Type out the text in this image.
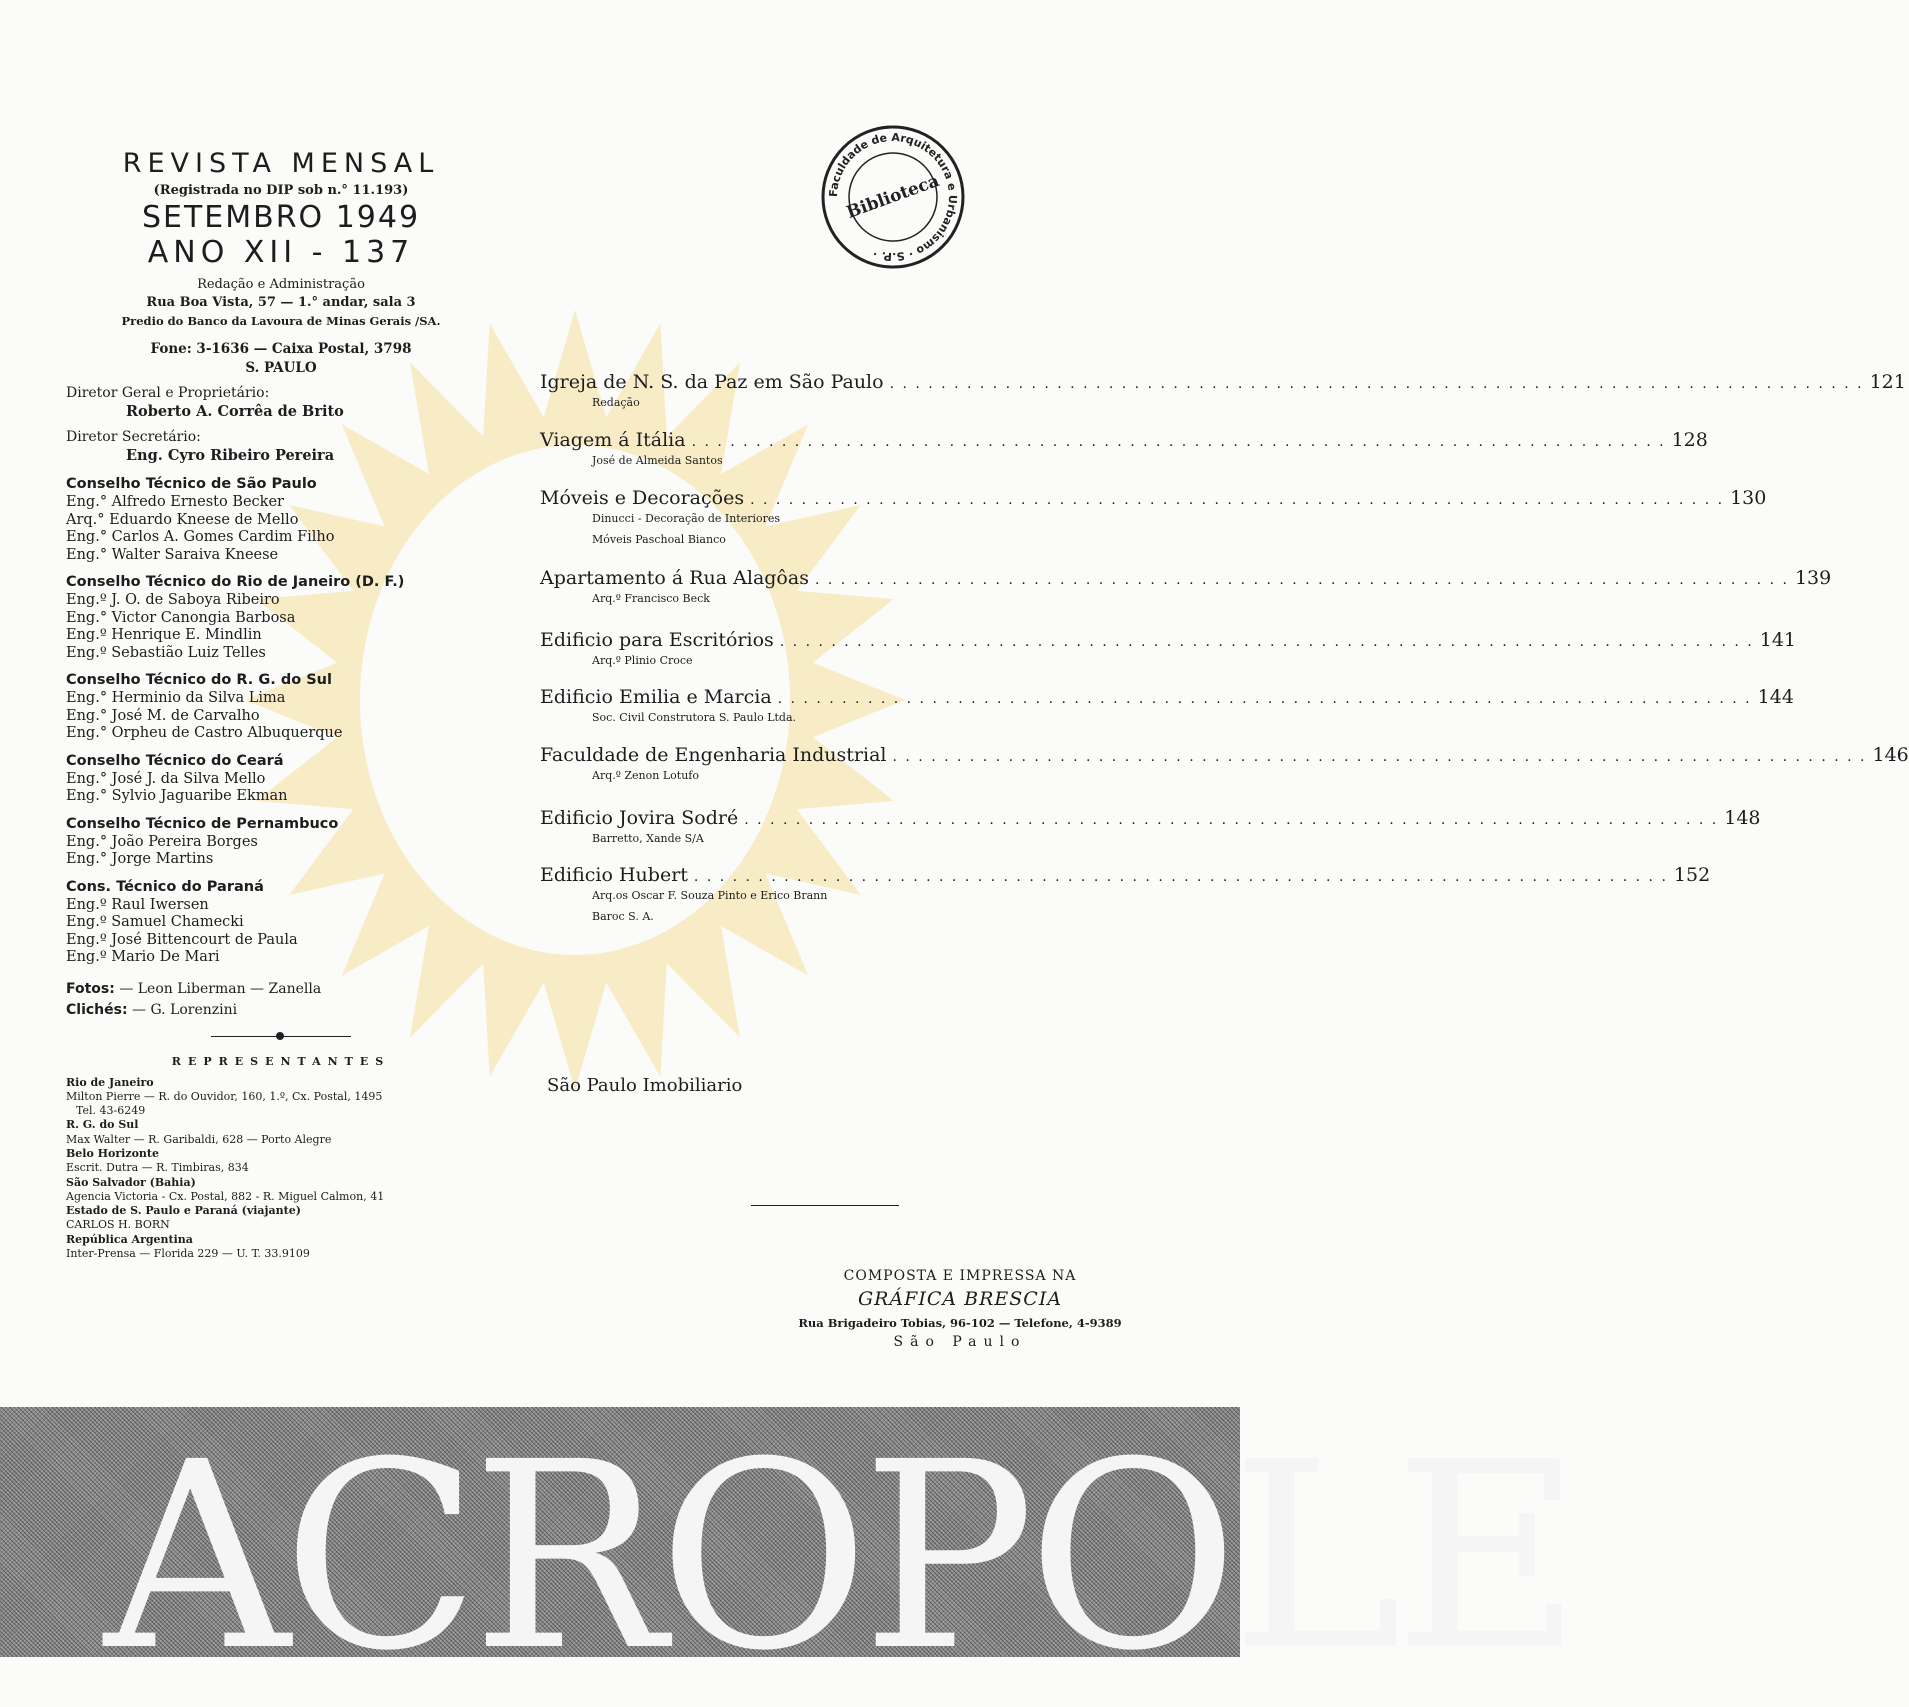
Faculdade de Arquitetura e Urbanismo · S.P. ·
Biblioteca
REVISTA MENSAL
(Registrada no DIP sob n.° 11.193)
SETEMBRO 1949
ANO XII - 137
Redação e Administração
Rua Boa Vista, 57 — 1.° andar, sala 3
Predio do Banco da Lavoura de Minas Gerais /SA.
Fone: 3-1636 — Caixa Postal, 3798
S. PAULO
Diretor Geral e Proprietário:
Roberto A. Corrêa de Brito
Diretor Secretário:
Eng. Cyro Ribeiro Pereira
Conselho Técnico de São Paulo
Eng.° Alfredo Ernesto Becker
Arq.° Eduardo Kneese de Mello
Eng.° Carlos A. Gomes Cardim Filho
Eng.° Walter Saraiva Kneese
Conselho Técnico do Rio de Janeiro (D. F.)
Eng.º J. O. de Saboya Ribeiro
Eng.° Victor Canongia Barbosa
Eng.º Henrique E. Mindlin
Eng.º Sebastião Luiz Telles
Conselho Técnico do R. G. do Sul
Eng.° Herminio da Silva Lima
Eng.° José M. de Carvalho
Eng.° Orpheu de Castro Albuquerque
Conselho Técnico do Ceará
Eng.° José J. da Silva Mello
Eng.° Sylvio Jaguaribe Ekman
Conselho Técnico de Pernambuco
Eng.° João Pereira Borges
Eng.° Jorge Martins
Cons. Técnico do Paraná
Eng.º Raul Iwersen
Eng.º Samuel Chamecki
Eng.º José Bittencourt de Paula
Eng.º Mario De Mari
Fotos: — Leon Liberman — Zanella
Clichés: — G. Lorenzini
REPRESENTANTES
Rio de Janeiro
Milton Pierre — R. do Ouvidor, 160, 1.º, Cx. Postal, 1495
Tel. 43-6249
R. G. do Sul
Max Walter — R. Garibaldi, 628 — Porto Alegre
Belo Horizonte
Escrit. Dutra — R. Timbiras, 834
São Salvador (Bahia)
Agencia Victoria - Cx. Postal, 882 - R. Miguel Calmon, 41
Estado de S. Paulo e Paraná (viajante)
CARLOS H. BORN
República Argentina
Inter-Prensa — Florida 229 — U. T. 33.9109
Igreja de N. S. da Paz em São Paulo . . .	121
Redação
Viagem á Itália . . .	128
José de Almeida Santos
Móveis e Decorações . . .	130
Dinucci - Decoração de Interiores
Móveis Paschoal Bianco
Apartamento á Rua Alagôas . . .	139
Arq.º Francisco Beck
Edificio para Escritórios . . .	141
Arq.º Plinio Croce
Edificio Emilia e Marcia . . .	144
Soc. Civil Construtora S. Paulo Ltda.
Faculdade de Engenharia Industrial . . .	146
Arq.º Zenon Lotufo
Edificio Jovira Sodré . . .	148
Barretto, Xande S/A
Edificio Hubert . . .	152
Arq.os Oscar F. Souza Pinto e Erico Brann
Baroc S. A.
São Paulo Imobiliario
COMPOSTA E IMPRESSA NA
GRÁFICA BRESCIA
Rua Brigadeiro Tobias, 96-102 — Telefone, 4-9389
São Paulo
ACROPOLE
